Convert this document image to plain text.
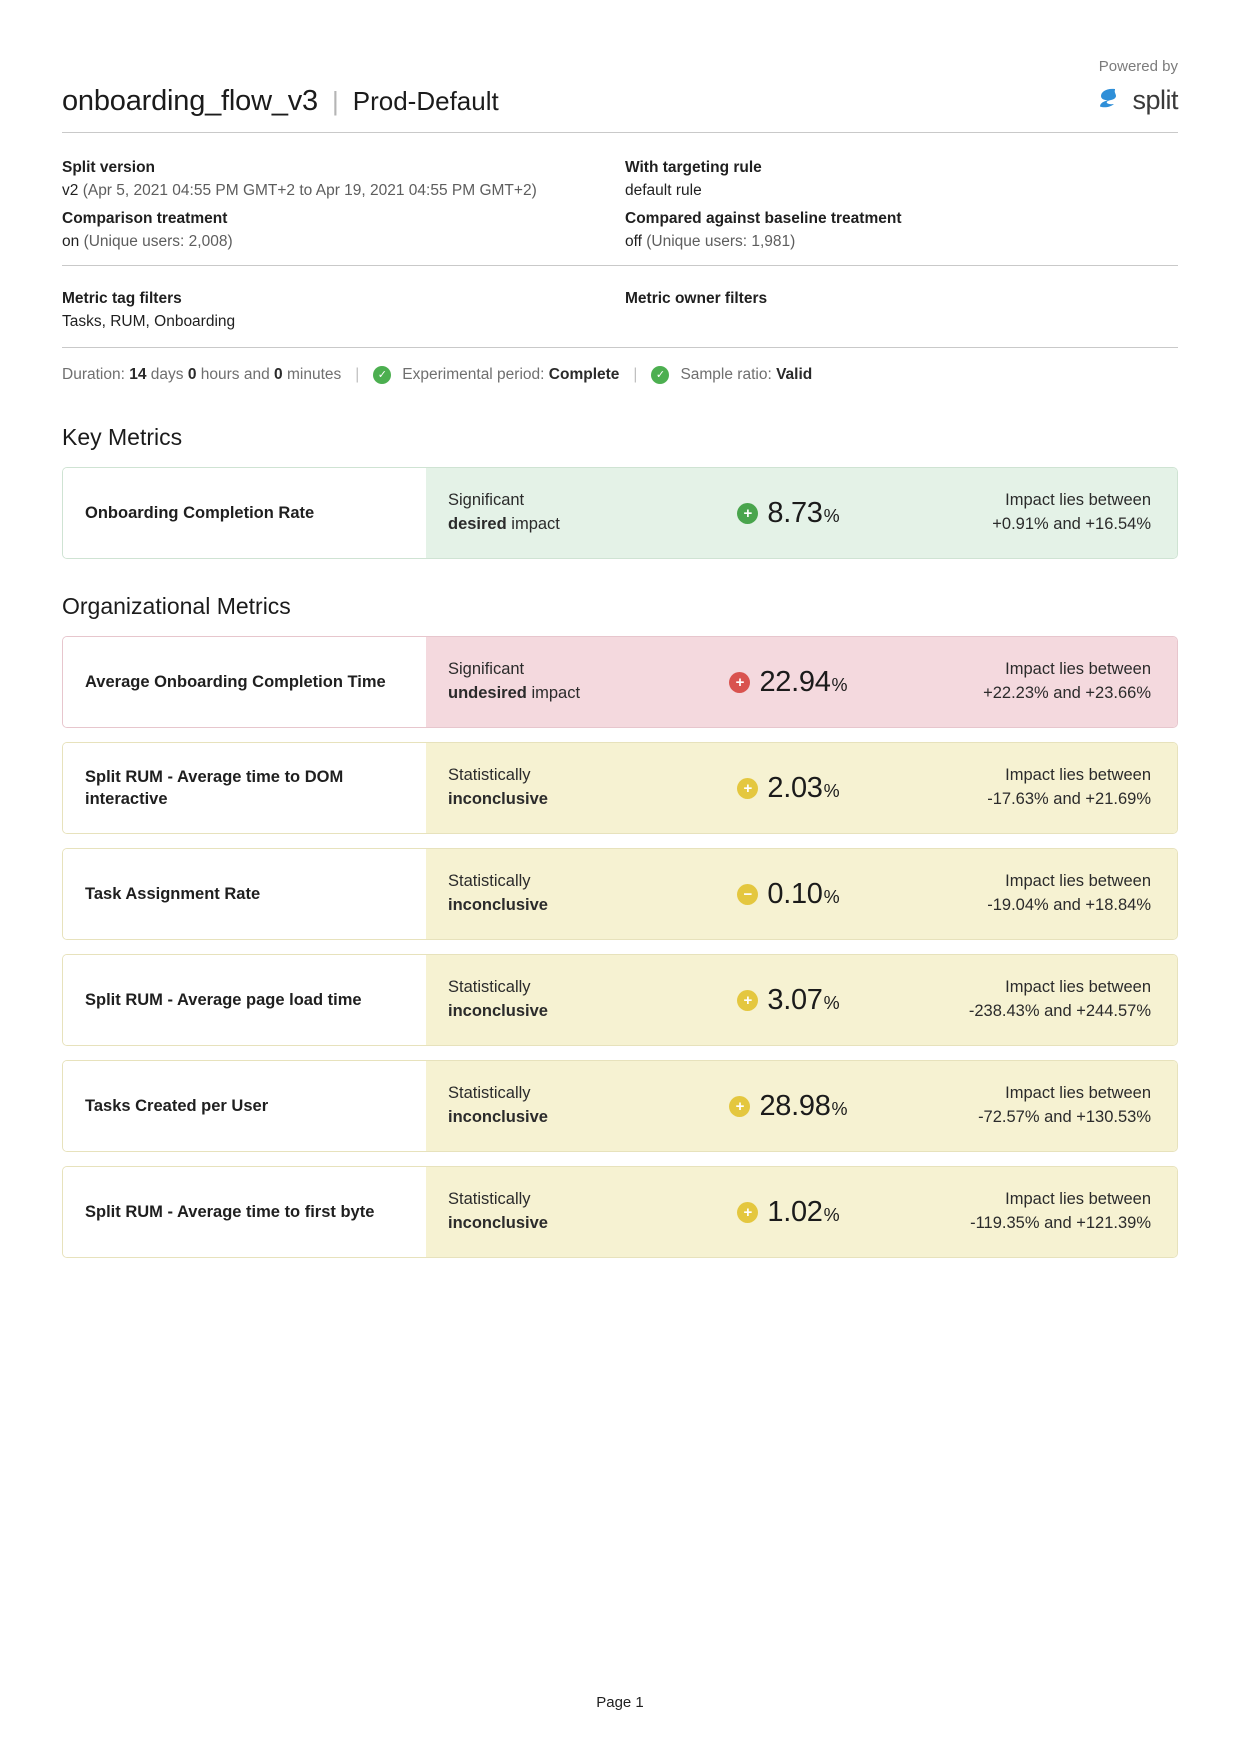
onboarding_flow_v3 | Prod-Default
Powered by
split
Split version
v2 (Apr 5, 2021 04:55 PM GMT+2 to Apr 19, 2021 04:55 PM GMT+2)
With targeting rule
default rule
Comparison treatment
on (Unique users: 2,008)
Compared against baseline treatment
off (Unique users: 1,981)
Metric tag filters
Tasks, RUM, Onboarding
Metric owner filters
Duration: 14 days 0 hours and 0 minutes |	✓ Experimental period: Complete |	✓ Sample ratio: Valid
Key Metrics
Onboarding Completion Rate
Significant
desired impact
+ 8.73%
Impact lies between
+0.91% and +16.54%
Organizational Metrics
Average Onboarding Completion Time
Significant
undesired impact
+ 22.94%
Impact lies between
+22.23% and +23.66%
Split RUM - Average time to DOM interactive
Statistically
inconclusive
+ 2.03%
Impact lies between
-17.63% and +21.69%
Task Assignment Rate
Statistically
inconclusive
− 0.10%
Impact lies between
-19.04% and +18.84%
Split RUM - Average page load time
Statistically
inconclusive
+ 3.07%
Impact lies between
-238.43% and +244.57%
Tasks Created per User
Statistically
inconclusive
+ 28.98%
Impact lies between
-72.57% and +130.53%
Split RUM - Average time to first byte
Statistically
inconclusive
+ 1.02%
Impact lies between
-119.35% and +121.39%
Page 1
